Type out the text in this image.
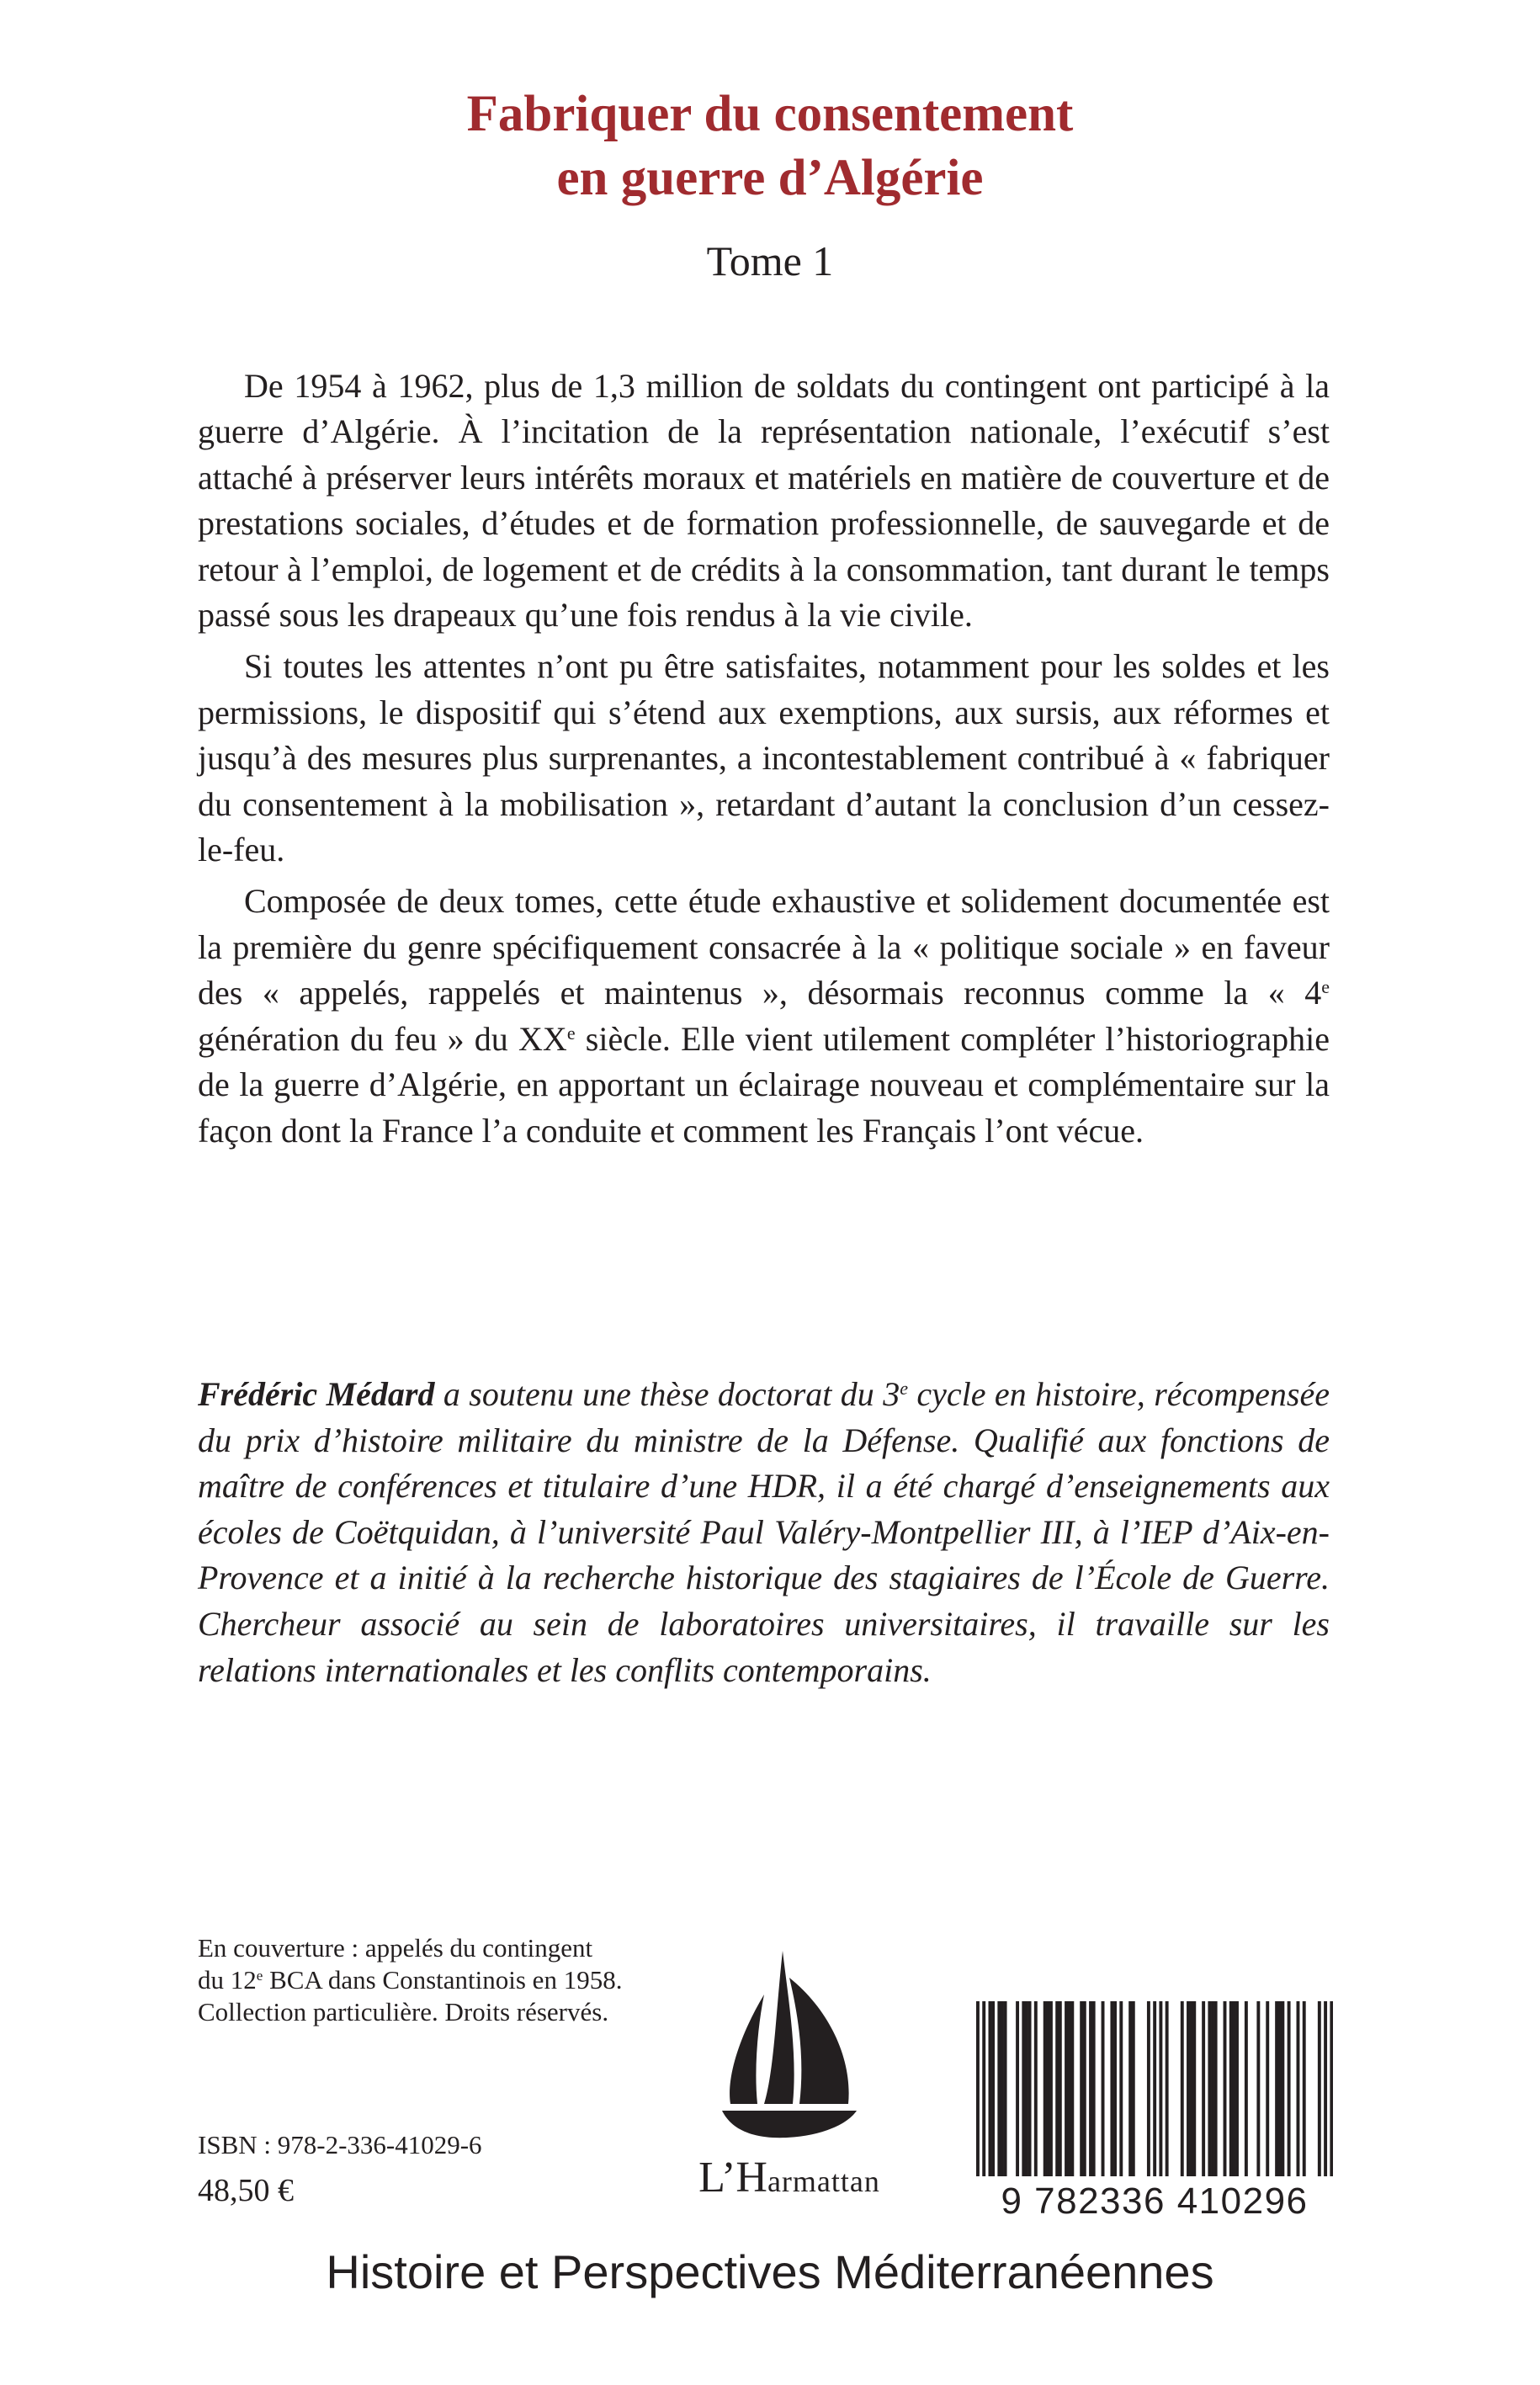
Fabriquer du consentement
en guerre d’Algérie
Tome 1

De 1954 à 1962, plus de 1,3 million de soldats du contingent ont participé à la guerre d’Algérie. À l’incitation de la représentation nationale, l’exécutif s’est attaché à préserver leurs intérêts moraux et matériels en matière de couverture et de prestations sociales, d’études et de formation professionnelle, de sauvegarde et de retour à l’emploi, de logement et de crédits à la consommation, tant durant le temps passé sous les drapeaux qu’une fois rendus à la vie civile.

Si toutes les attentes n’ont pu être satisfaites, notamment pour les soldes et les permissions, le dispositif qui s’étend aux exemptions, aux sursis, aux réformes et jusqu’à des mesures plus surprenantes, a incontestablement contribué à « fabriquer du consentement à la mobilisation », retardant d’autant la conclusion d’un cessez-le-feu.

Composée de deux tomes, cette étude exhaustive et solidement documentée est la première du genre spécifiquement consacrée à la « politique sociale » en faveur des « appelés, rappelés et maintenus », désormais reconnus comme la « 4e génération du feu » du XXe siècle. Elle vient utilement compléter l’historiographie de la guerre d’Algérie, en apportant un éclairage nouveau et complémentaire sur la façon dont la France l’a conduite et comment les Français l’ont vécue.

Frédéric Médard a soutenu une thèse doctorat du 3e cycle en histoire, récompensée du prix d’histoire militaire du ministre de la Défense. Qualifié aux fonctions de maître de conférences et titulaire d’une HDR, il a été chargé d’enseignements aux écoles de Coëtquidan, à l’université Paul Valéry-Montpellier III, à l’IEP d’Aix-en-Provence et a initié à la recherche historique des stagiaires de l’École de Guerre. Chercheur associé au sein de laboratoires universitaires, il travaille sur les relations internationales et les conflits contemporains.

En couverture : appelés du contingent
du 12e BCA dans Constantinois en 1958.
Collection particulière. Droits réservés.
ISBN : 978-2-336-41029-6
48,50 €	L’Harmattan	9 782336 410296
Histoire et Perspectives Méditerranéennes
